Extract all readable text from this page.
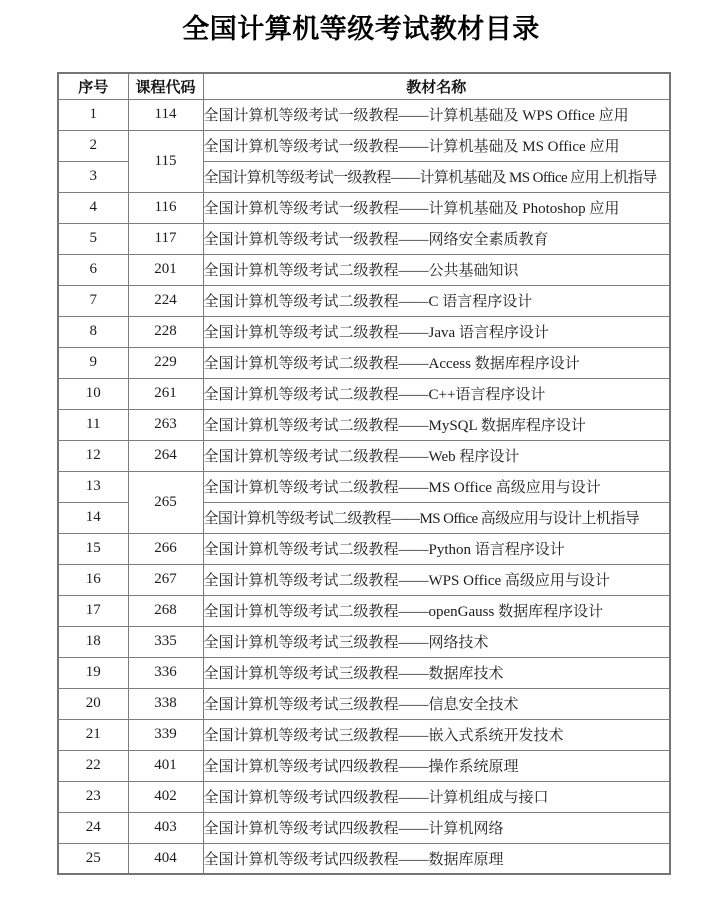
全国计算机等级考试教材目录
序号	课程代码	教材名称
1	114	全国计算机等级考试一级教程——计算机基础及 WPS Office 应用
2	115	全国计算机等级考试一级教程——计算机基础及 MS Office 应用
3		全国计算机等级考试一级教程——计算机基础及 MS Office 应用上机指导
4	116	全国计算机等级考试一级教程——计算机基础及 Photoshop 应用
5	117	全国计算机等级考试一级教程——网络安全素质教育
6	201	全国计算机等级考试二级教程——公共基础知识
7	224	全国计算机等级考试二级教程——C 语言程序设计
8	228	全国计算机等级考试二级教程——Java 语言程序设计
9	229	全国计算机等级考试二级教程——Access 数据库程序设计
10	261	全国计算机等级考试二级教程——C++语言程序设计
11	263	全国计算机等级考试二级教程——MySQL 数据库程序设计
12	264	全国计算机等级考试二级教程——Web 程序设计
13	265	全国计算机等级考试二级教程——MS Office 高级应用与设计
14		全国计算机等级考试二级教程——MS Office 高级应用与设计上机指导
15	266	全国计算机等级考试二级教程——Python 语言程序设计
16	267	全国计算机等级考试二级教程——WPS Office 高级应用与设计
17	268	全国计算机等级考试二级教程——openGauss 数据库程序设计
18	335	全国计算机等级考试三级教程——网络技术
19	336	全国计算机等级考试三级教程——数据库技术
20	338	全国计算机等级考试三级教程——信息安全技术
21	339	全国计算机等级考试三级教程——嵌入式系统开发技术
22	401	全国计算机等级考试四级教程——操作系统原理
23	402	全国计算机等级考试四级教程——计算机组成与接口
24	403	全国计算机等级考试四级教程——计算机网络
25	404	全国计算机等级考试四级教程——数据库原理
